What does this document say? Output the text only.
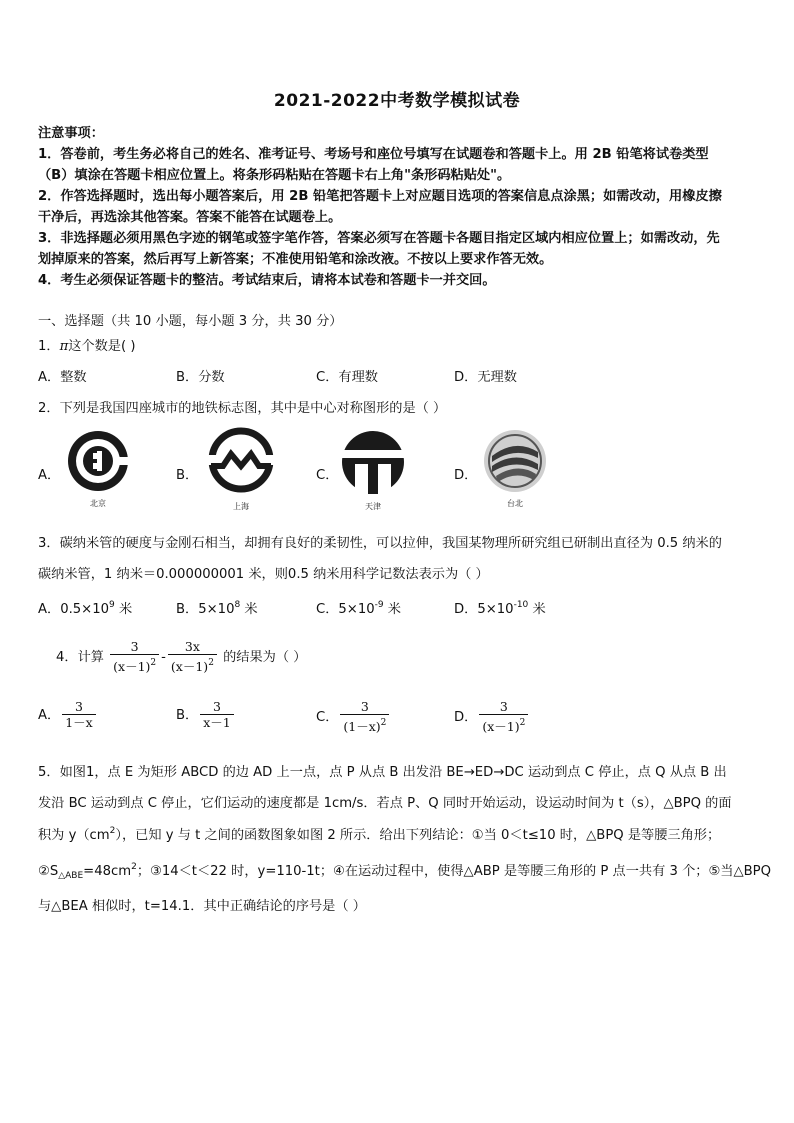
2021-2022中考数学模拟试卷
注意事项：
1．答卷前，考生务必将自己的姓名、准考证号、考场号和座位号填写在试题卷和答题卡上。用 2B 铅笔将试卷类型
（B）填涂在答题卡相应位置上。将条形码粘贴在答题卡右上角"条形码粘贴处"。
2．作答选择题时，选出每小题答案后，用 2B 铅笔把答题卡上对应题目选项的答案信息点涂黑；如需改动，用橡皮擦
干净后，再选涂其他答案。答案不能答在试题卷上。
3．非选择题必须用黑色字迹的钢笔或签字笔作答，答案必须写在答题卡各题目指定区域内相应位置上；如需改动，先
划掉原来的答案，然后再写上新答案；不准使用铅笔和涂改液。不按以上要求作答无效。
4．考生必须保证答题卡的整洁。考试结束后，请将本试卷和答题卡一并交回。
一、选择题（共 10 小题，每小题 3 分，共 30 分）
1．π这个数是( )
A．整数	B．分数	C．有理数	D．无理数
2．下列是我国四座城市的地铁标志图，其中是中心对称图形的是（ ）
A．
北京
B．
上海
C．
天津
D．
台北
3．碳纳米管的硬度与金刚石相当，却拥有良好的柔韧性，可以拉伸，我国某物理所研究组已研制出直径为 0.5 纳米的
碳纳米管，1 纳米＝0.000000001 米，则0.5 纳米用科学记数法表示为（ ）
A．$0.5\times 10^9$ 米	B．$5\times 10^8$ 米	C．$5\times 10^{-9}$ 米	D．$5\times 10^{-10}$ 米
4．计算 $\frac{3}{(x-1)^2} - \frac{3x}{(x-1)^2}$ 的结果为（ ）
A． $\frac{3}{1-x}$	B． $\frac{3}{x-1}$	C． $\frac{3}{(1-x)^2}$	D． $\frac{3}{(x-1)^2}$
5．如图1，点 E 为矩形 ABCD 的边 AD 上一点，点 P 从点 B 出发沿 BE→ED→DC 运动到点 C 停止，点 Q 从点 B 出
发沿 BC 运动到点 C 停止，它们运动的速度都是 1cm/s．若点 P、Q 同时开始运动，设运动时间为 t（s），△BPQ 的面
积为 $y(cm^2)$，已知 y 与 t 之间的函数图象如图 2 所示．给出下列结论：①当 0＜t≤10 时，△BPQ 是等腰三角形；
$②S_{\triangle ABE}=48cm^2$；③14＜t＜22 时，y=110-1t；④在运动过程中，使得△ABP 是等腰三角形的 P 点一共有 3 个；⑤当△BPQ
与△BEA 相似时，t=14.1．其中正确结论的序号是（ ）
